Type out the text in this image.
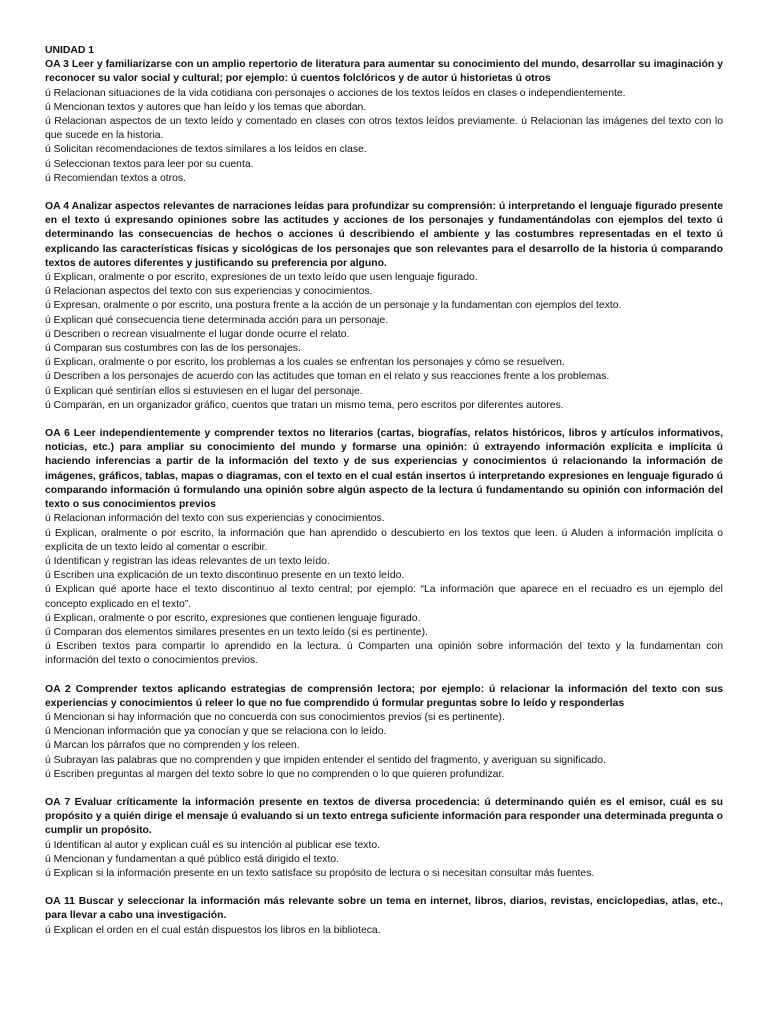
UNIDAD 1

OA 3 Leer y familiarizarse con un amplio repertorio de literatura para aumentar su conocimiento del mundo, desarrollar su imaginación y reconocer su valor social y cultural; por ejemplo: ú cuentos folclóricos y de autor ú historietas ú otros

ú Relacionan situaciones de la vida cotidiana con personajes o acciones de los textos leídos en clases o independientemente.

ú Mencionan textos y autores que han leído y los temas que abordan.

ú Relacionan aspectos de un texto leído y comentado en clases con otros textos leídos previamente. ú Relacionan las imágenes del texto con lo que sucede en la historia.

ú Solicitan recomendaciones de textos similares a los leídos en clase.

ú Seleccionan textos para leer por su cuenta.

ú Recomiendan textos a otros.

OA 4 Analizar aspectos relevantes de narraciones leídas para profundizar su comprensión: ú interpretando el lenguaje figurado presente en el texto ú expresando opiniones sobre las actitudes y acciones de los personajes y fundamentándolas con ejemplos del texto ú determinando las consecuencias de hechos o acciones ú describiendo el ambiente y las costumbres representadas en el texto ú explicando las características físicas y sicológicas de los personajes que son relevantes para el desarrollo de la historia ú comparando textos de autores diferentes y justificando su preferencia por alguno.

ú Explican, oralmente o por escrito, expresiones de un texto leído que usen lenguaje figurado.

ú Relacionan aspectos del texto con sus experiencias y conocimientos.

ú Expresan, oralmente o por escrito, una postura frente a la acción de un personaje y la fundamentan con ejemplos del texto.

ú Explican qué consecuencia tiene determinada acción para un personaje.

ú Describen o recrean visualmente el lugar donde ocurre el relato.

ú Comparan sus costumbres con las de los personajes.

ú Explican, oralmente o por escrito, los problemas a los cuales se enfrentan los personajes y cómo se resuelven.

ú Describen a los personajes de acuerdo con las actitudes que toman en el relato y sus reacciones frente a los problemas.

ú Explican qué sentirían ellos si estuviesen en el lugar del personaje.

ú Comparan, en un organizador gráfico, cuentos que tratan un mismo tema, pero escritos por diferentes autores.

OA 6 Leer independientemente y comprender textos no literarios (cartas, biografías, relatos históricos, libros y artículos informativos, noticias, etc.) para ampliar su conocimiento del mundo y formarse una opinión: ú extrayendo información explícita e implícita ú haciendo inferencias a partir de la información del texto y de sus experiencias y conocimientos ú relacionando la información de imágenes, gráficos, tablas, mapas o diagramas, con el texto en el cual están insertos ú interpretando expresiones en lenguaje figurado ú comparando información ú formulando una opinión sobre algún aspecto de la lectura ú fundamentando su opinión con información del texto o sus conocimientos previos

ú Relacionan información del texto con sus experiencias y conocimientos.

ú Explican, oralmente o por escrito, la información que han aprendido o descubierto en los textos que leen. ú Aluden a información implícita o explícita de un texto leído al comentar o escribir.

ú Identifican y registran las ideas relevantes de un texto leído.

ú Escriben una explicación de un texto discontinuo presente en un texto leído.

ú Explican qué aporte hace el texto discontinuo al texto central; por ejemplo: “La información que aparece en el recuadro es un ejemplo del concepto explicado en el texto”.

ú Explican, oralmente o por escrito, expresiones que contienen lenguaje figurado.

ú Comparan dos elementos similares presentes en un texto leído (si es pertinente).

ú Escriben textos para compartir lo aprendido en la lectura. ú Comparten una opinión sobre información del texto y la fundamentan con información del texto o conocimientos previos.

OA 2 Comprender textos aplicando estrategias de comprensión lectora; por ejemplo: ú relacionar la información del texto con sus experiencias y conocimientos ú releer lo que no fue comprendido ú formular preguntas sobre lo leído y responderlas

ú Mencionan si hay información que no concuerda con sus conocimientos previos (si es pertinente).

ú Mencionan información que ya conocían y que se relaciona con lo leído.

ú Marcan los párrafos que no comprenden y los releen.

ú Subrayan las palabras que no comprenden y que impiden entender el sentido del fragmento, y averiguan su significado.

ú Escriben preguntas al margen del texto sobre lo que no comprenden o lo que quieren profundizar.

OA 7 Evaluar críticamente la información presente en textos de diversa procedencia: ú determinando quién es el emisor, cuál es su propósito y a quién dirige el mensaje ú evaluando si un texto entrega suficiente información para responder una determinada pregunta o cumplir un propósito.

ú Identifican al autor y explican cuál es su intención al publicar ese texto.

ú Mencionan y fundamentan a qué público está dirigido el texto.

ú Explican si la información presente en un texto satisface su propósito de lectura o si necesitan consultar más fuentes.

OA 11 Buscar y seleccionar la información más relevante sobre un tema en internet, libros, diarios, revistas, enciclopedias, atlas, etc., para llevar a cabo una investigación.

ú Explican el orden en el cual están dispuestos los libros en la biblioteca.
